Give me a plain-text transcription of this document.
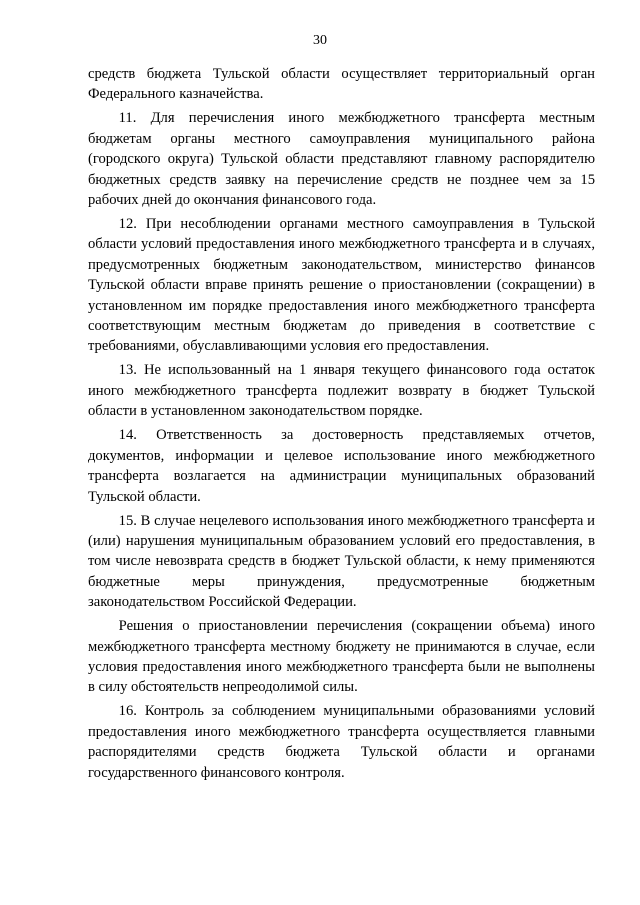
30

средств бюджета Тульской области осуществляет территориальный орган Федерального казначейства.

11. Для перечисления иного межбюджетного трансферта местным бюджетам органы местного самоуправления муниципального района (городского округа) Тульской области представляют главному распорядителю бюджетных средств заявку на перечисление средств не позднее чем за 15 рабочих дней до окончания финансового года.

12. При несоблюдении органами местного самоуправления в Тульской области условий предоставления иного межбюджетного трансферта и в случаях, предусмотренных бюджетным законодательством, министерство финансов Тульской области вправе принять решение о приостановлении (сокращении) в установленном им порядке предоставления иного межбюджетного трансферта соответствующим местным бюджетам до приведения в соответствие с требованиями, обуславливающими условия его предоставления.

13. Не использованный на 1 января текущего финансового года остаток иного межбюджетного трансферта подлежит возврату в бюджет Тульской области в установленном законодательством порядке.

14. Ответственность за достоверность представляемых отчетов, документов, информации и целевое использование иного межбюджетного трансферта возлагается на администрации муниципальных образований Тульской области.

15. В случае нецелевого использования иного межбюджетного трансферта и (или) нарушения муниципальным образованием условий его предоставления, в том числе невозврата средств в бюджет Тульской области, к нему применяются бюджетные меры принуждения, предусмотренные бюджетным законодательством Российской Федерации.

Решения о приостановлении перечисления (сокращении объема) иного межбюджетного трансферта местному бюджету не принимаются в случае, если условия предоставления иного межбюджетного трансферта были не выполнены в силу обстоятельств непреодолимой силы.

16. Контроль за соблюдением муниципальными образованиями условий предоставления иного межбюджетного трансферта осуществляется главными распорядителями средств бюджета Тульской области и органами государственного финансового контроля.
